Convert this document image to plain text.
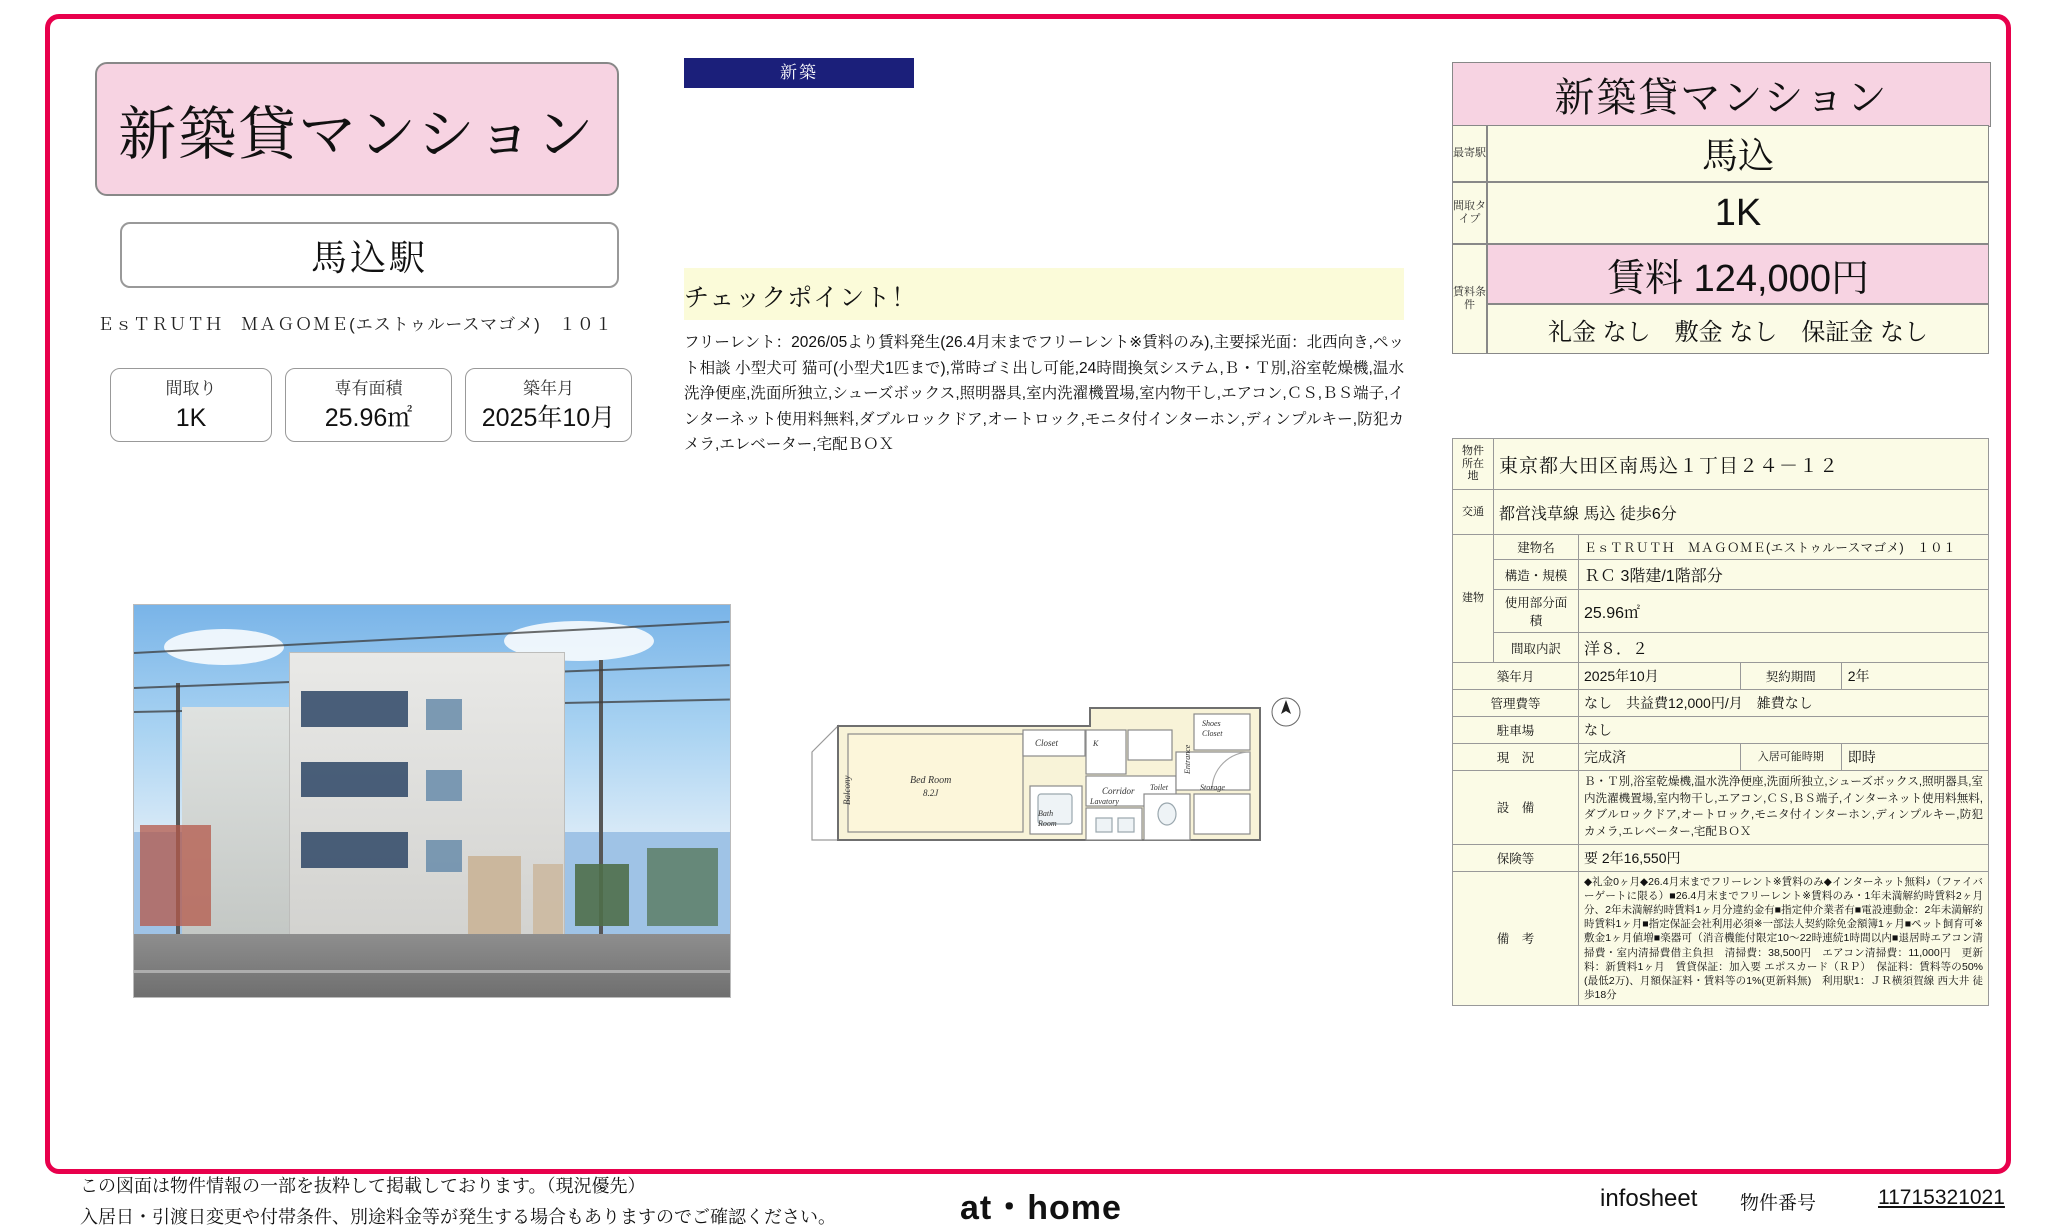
新築貸マンション
馬込駅
ＥｓＴＲＵＴＨ　ＭＡＧＯＭＥ(エストゥルースマゴメ)　１０１
間取り
1K
専有面積
25.96㎡
築年月
2025年10月
新築
チェックポイント！
フリーレント：2026/05より賃料発生(26.4月末までフリーレント※賃料のみ),主要採光面：北西向き,ペット相談 小型犬可 猫可(小型犬1匹まで),常時ゴミ出し可能,24時間換気システム,Ｂ・Ｔ別,浴室乾燥機,温水洗浄便座,洗面所独立,シューズボックス,照明器具,室内洗濯機置場,室内物干し,エアコン,ＣＳ,ＢＳ端子,インターネット使用料無料,ダブルロックドア,オートロック,モニタ付インターホン,ディンプルキー,防犯カメラ,エレベーター,宅配ＢＯＸ
Balcony	Bed Room
8.2J
Closet	K
Corridor
Bath
Room
Lavatory
Toilet	Storage
Shoes
Closet
Entrance
新築貸マンション
最寄駅	馬込
間取タイプ	1K
賃料条件
賃料 124,000円
礼金 なし　敷金 なし　保証金 なし
物件所在地	東京都大田区南馬込１丁目２４－１２
交通	都営浅草線 馬込 徒歩6分
建物	建物名	ＥｓＴＲＵＴＨ　ＭＡＧＯＭＥ(エストゥルースマゴメ)　１０１
構造・規模	ＲＣ 3階建/1階部分
使用部分面積	25.96㎡
間取内訳	洋８．２
築年月	2025年10月		契約期間	2年

管理費等	なし　共益費12,000円/月　雑費なし
駐車場	なし
現　況	完成済		入居可能時期	即時

設　備	Ｂ・Ｔ別,浴室乾燥機,温水洗浄便座,洗面所独立,シューズボックス,照明器具,室内洗濯機置場,室内物干し,エアコン,ＣＳ,ＢＳ端子,インターネット使用料無料,ダブルロックドア,オートロック,モニタ付インターホン,ディンプルキー,防犯カメラ,エレベーター,宅配ＢＯＸ
保険等	要 2年16,550円
備　考	◆礼金0ヶ月◆26.4月末までフリーレント※賃料のみ◆インターネット無料♪（ファイバーゲートに限る）■26.4月末までフリーレント※賃料のみ・1年未満解約時賃料2ヶ月分、2年未満解約時賃料1ヶ月分違約金有■指定仲介業者有■電設連動金：2年未満解約時賃料1ヶ月■指定保証会社利用必須※一部法人契約除免金額簿1ヶ月■ペット飼育可※敷金1ヶ月値増■楽器可（消音機能付限定10～22時連続1時間以内■退居時エアコン清掃費・室内清掃費借主負担　清掃費：38,500円　エアコン清掃費：11,000円　更新料：新賃料1ヶ月　賃貸保証：加入要 エポスカード（ＲＰ）　保証料：賃料等の50%(最低2万)、月額保証料・賃料等の1%(更新料無)　利用駅1：ＪＲ横須賀線 西大井 徒歩18分
この図面は物件情報の一部を抜粋して掲載しております。（現況優先）
入居日・引渡日変更や付帯条件、別途料金等が発生する場合もありますのでご確認ください。	at・home	infosheet 物件番号	11715321021
